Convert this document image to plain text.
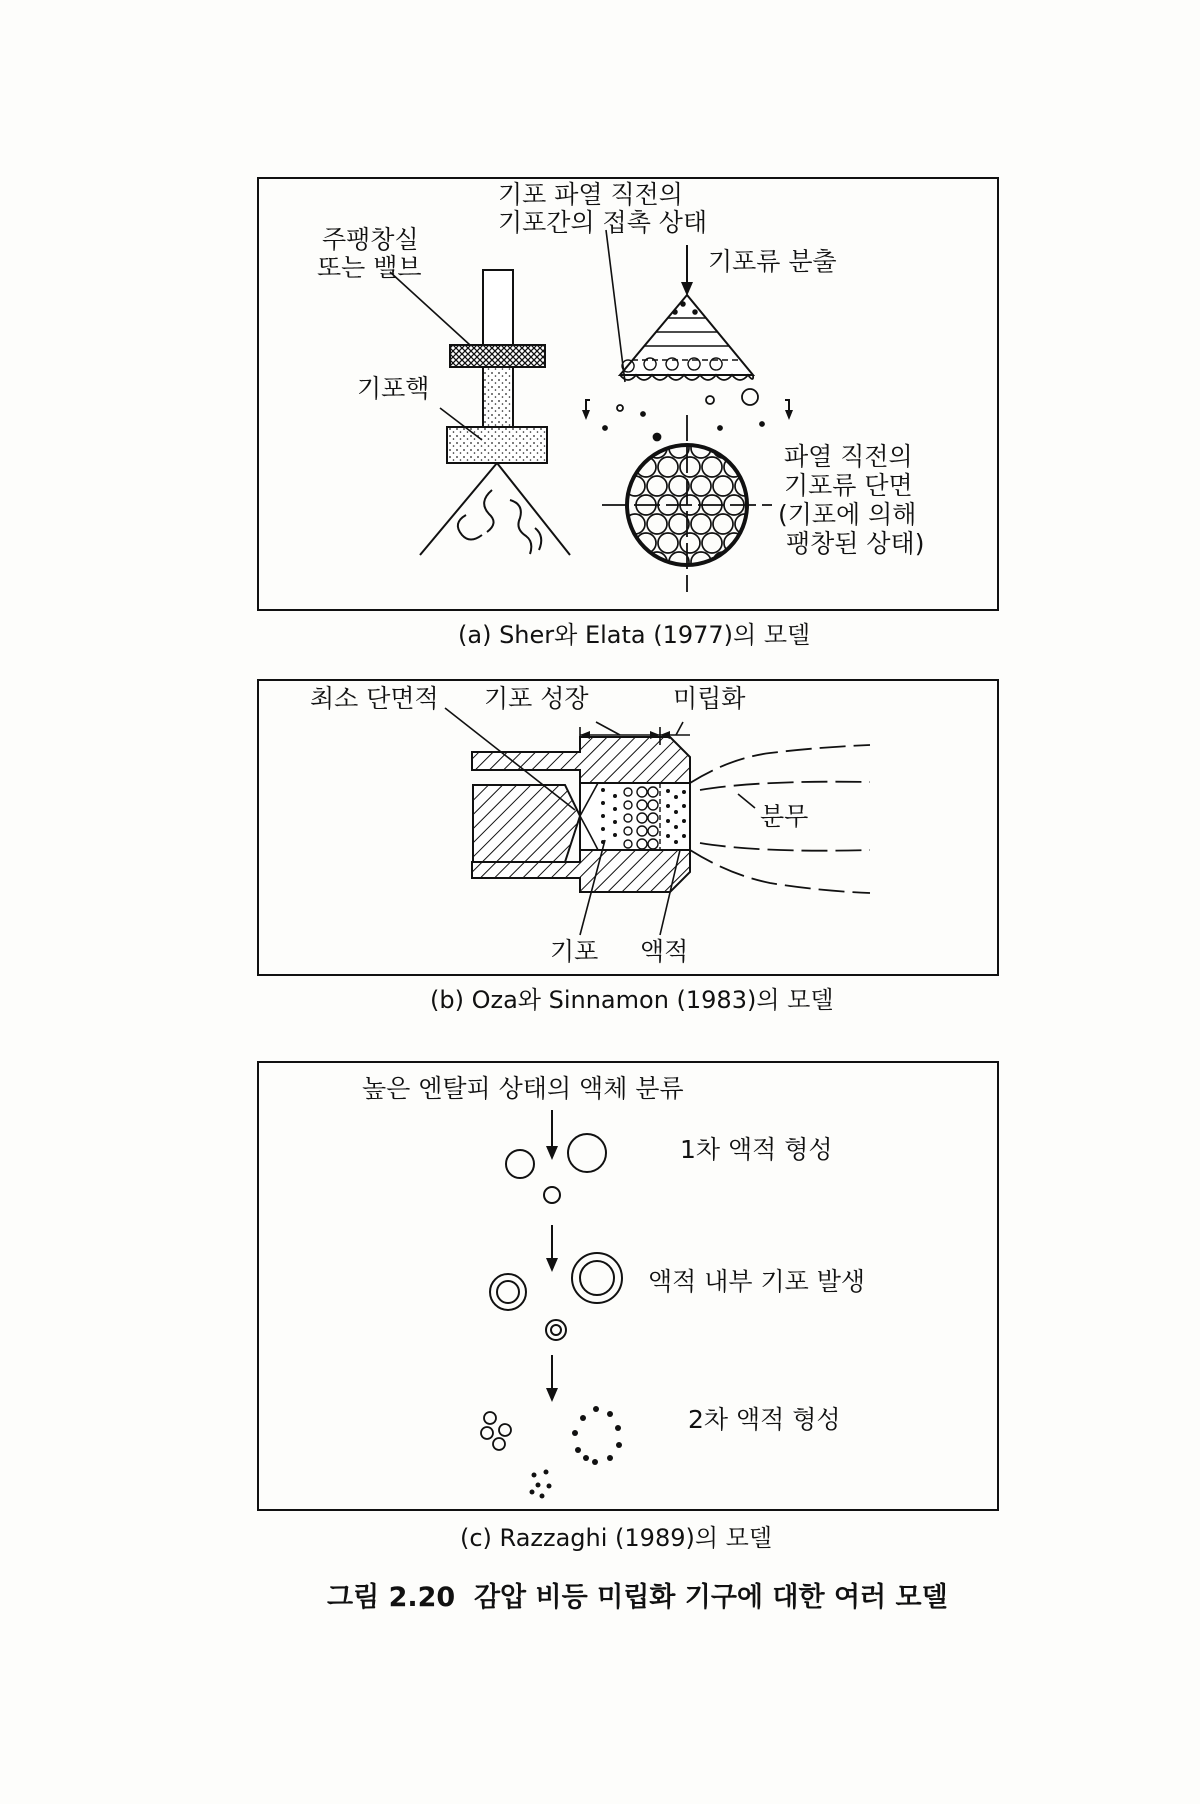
주팽창실
또는 밸브
기포 파열 직전의
기포간의 접촉 상태
기포류 분출
기포핵
파열 직전의
기포류 단면
(기포에 의해
팽창된 상태)
(a) Sher와 Elata (1977)의 모델
최소 단면적 기포 성장	미립화
분무
기포 액적
(b) Oza와 Sinnamon (1983)의 모델
높은 엔탈피 상태의 액체 분류
1차 액적 형성
액적 내부 기포 발생
2차 액적 형성
(c) Razzaghi (1989)의 모델
그림 2.20  감압 비등 미립화 기구에 대한 여러 모델
